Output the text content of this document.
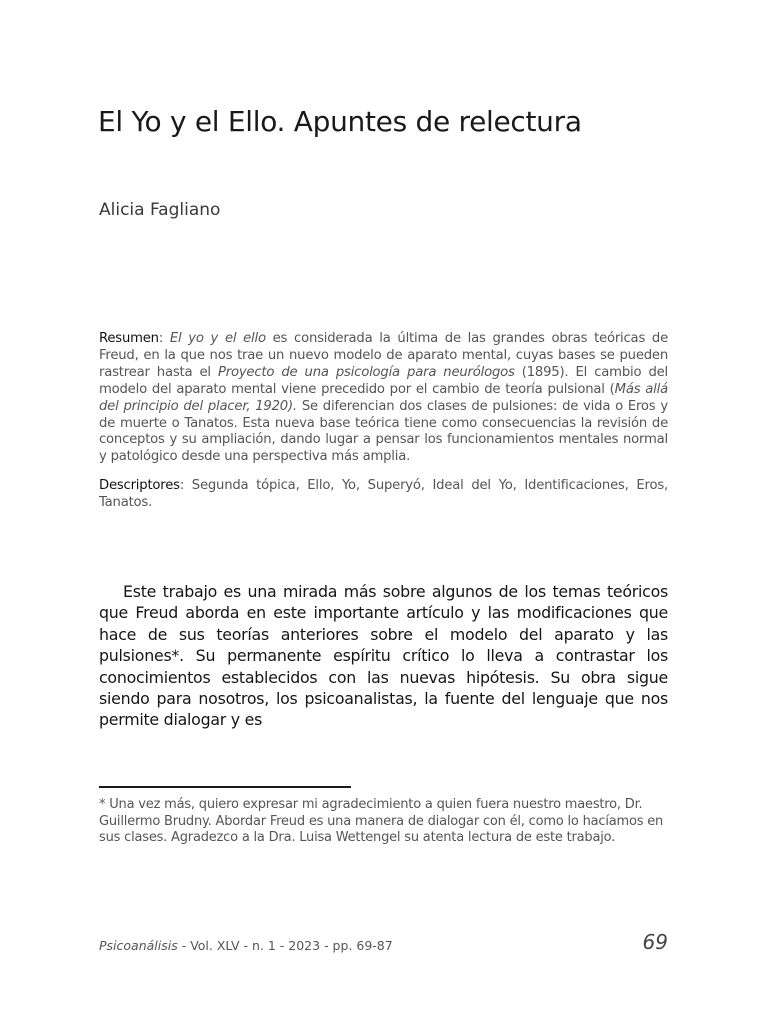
El Yo y el Ello. Apuntes de relectura
Alicia Fagliano

Resumen: El yo y el ello es considerada la última de las grandes obras teóricas de Freud, en la que nos trae un nuevo modelo de aparato mental, cuyas bases se pueden rastrear hasta el Proyecto de una psicología para neurólogos (1895). El cambio del modelo del aparato mental viene precedido por el cambio de teoría pulsional (Más allá del principio del placer, 1920). Se diferencian dos clases de pulsiones: de vida o Eros y de muerte o Tanatos. Esta nueva base teórica tiene como consecuencias la revisión de conceptos y su ampliación, dando lugar a pensar los funcionamientos mentales normal y patológico desde una perspectiva más amplia.

Descriptores: Segunda tópica, Ello, Yo, Superyó, Ideal del Yo, Identificaciones, Eros, Tanatos.

Este trabajo es una mirada más sobre algunos de los temas teóricos que Freud aborda en este importante artículo y las modificaciones que hace de sus teorías anteriores sobre el modelo del aparato y las pulsiones*. Su permanente espíritu crítico lo lleva a contrastar los conocimientos establecidos con las nuevas hipótesis. Su obra sigue siendo para nosotros, los psicoanalistas, la fuente del lenguaje que nos permite dialogar y es

* Una vez más, quiero expresar mi agradecimiento a quien fuera nuestro maestro, Dr. Guillermo Brudny. Abordar Freud es una manera de dialogar con él, como lo hacíamos en sus clases. Agradezco a la Dra. Luisa Wettengel su atenta lectura de este trabajo.

Psicoanálisis - Vol. XLV - n. 1 - 2023 - pp. 69-87	69
